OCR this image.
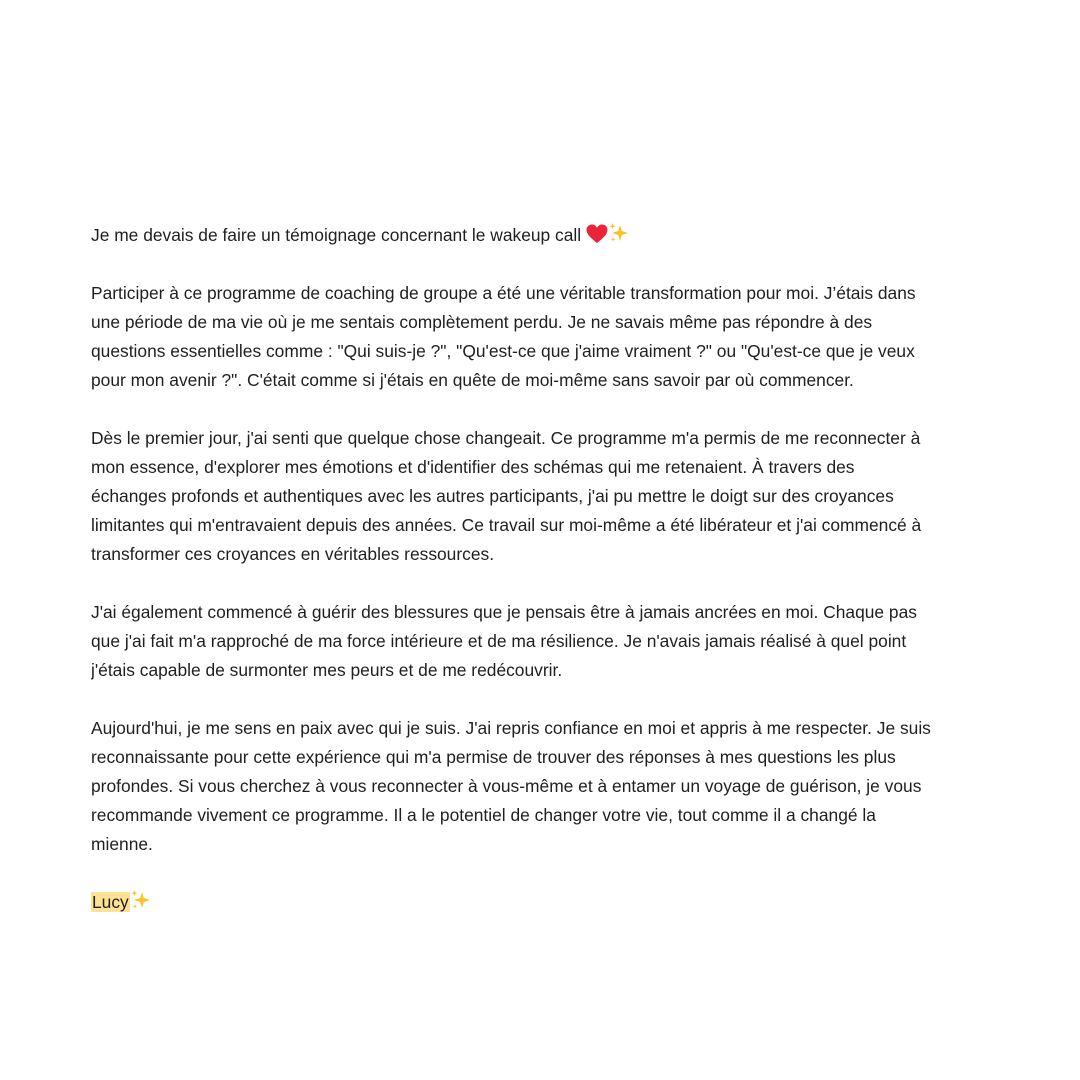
Je me devais de faire un témoignage concernant le wakeup call

Participer à ce programme de coaching de groupe a été une véritable transformation pour moi. J’étais dans
une période de ma vie où je me sentais complètement perdu. Je ne savais même pas répondre à des
questions essentielles comme : "Qui suis-je ?", "Qu'est-ce que j'aime vraiment ?" ou "Qu'est-ce que je veux
pour mon avenir ?". C'était comme si j'étais en quête de moi-même sans savoir par où commencer.

Dès le premier jour, j'ai senti que quelque chose changeait. Ce programme m'a permis de me reconnecter à
mon essence, d'explorer mes émotions et d'identifier des schémas qui me retenaient. À travers des
échanges profonds et authentiques avec les autres participants, j'ai pu mettre le doigt sur des croyances
limitantes qui m'entravaient depuis des années. Ce travail sur moi-même a été libérateur et j'ai commencé à
transformer ces croyances en véritables ressources.

J'ai également commencé à guérir des blessures que je pensais être à jamais ancrées en moi. Chaque pas
que j'ai fait m'a rapproché de ma force intérieure et de ma résilience. Je n'avais jamais réalisé à quel point
j'étais capable de surmonter mes peurs et de me redécouvrir.

Aujourd'hui, je me sens en paix avec qui je suis. J'ai repris confiance en moi et appris à me respecter. Je suis
reconnaissante pour cette expérience qui m'a permise de trouver des réponses à mes questions les plus
profondes. Si vous cherchez à vous reconnecter à vous-même et à entamer un voyage de guérison, je vous
recommande vivement ce programme. Il a le potentiel de changer votre vie, tout comme il a changé la
mienne.

Lucy
